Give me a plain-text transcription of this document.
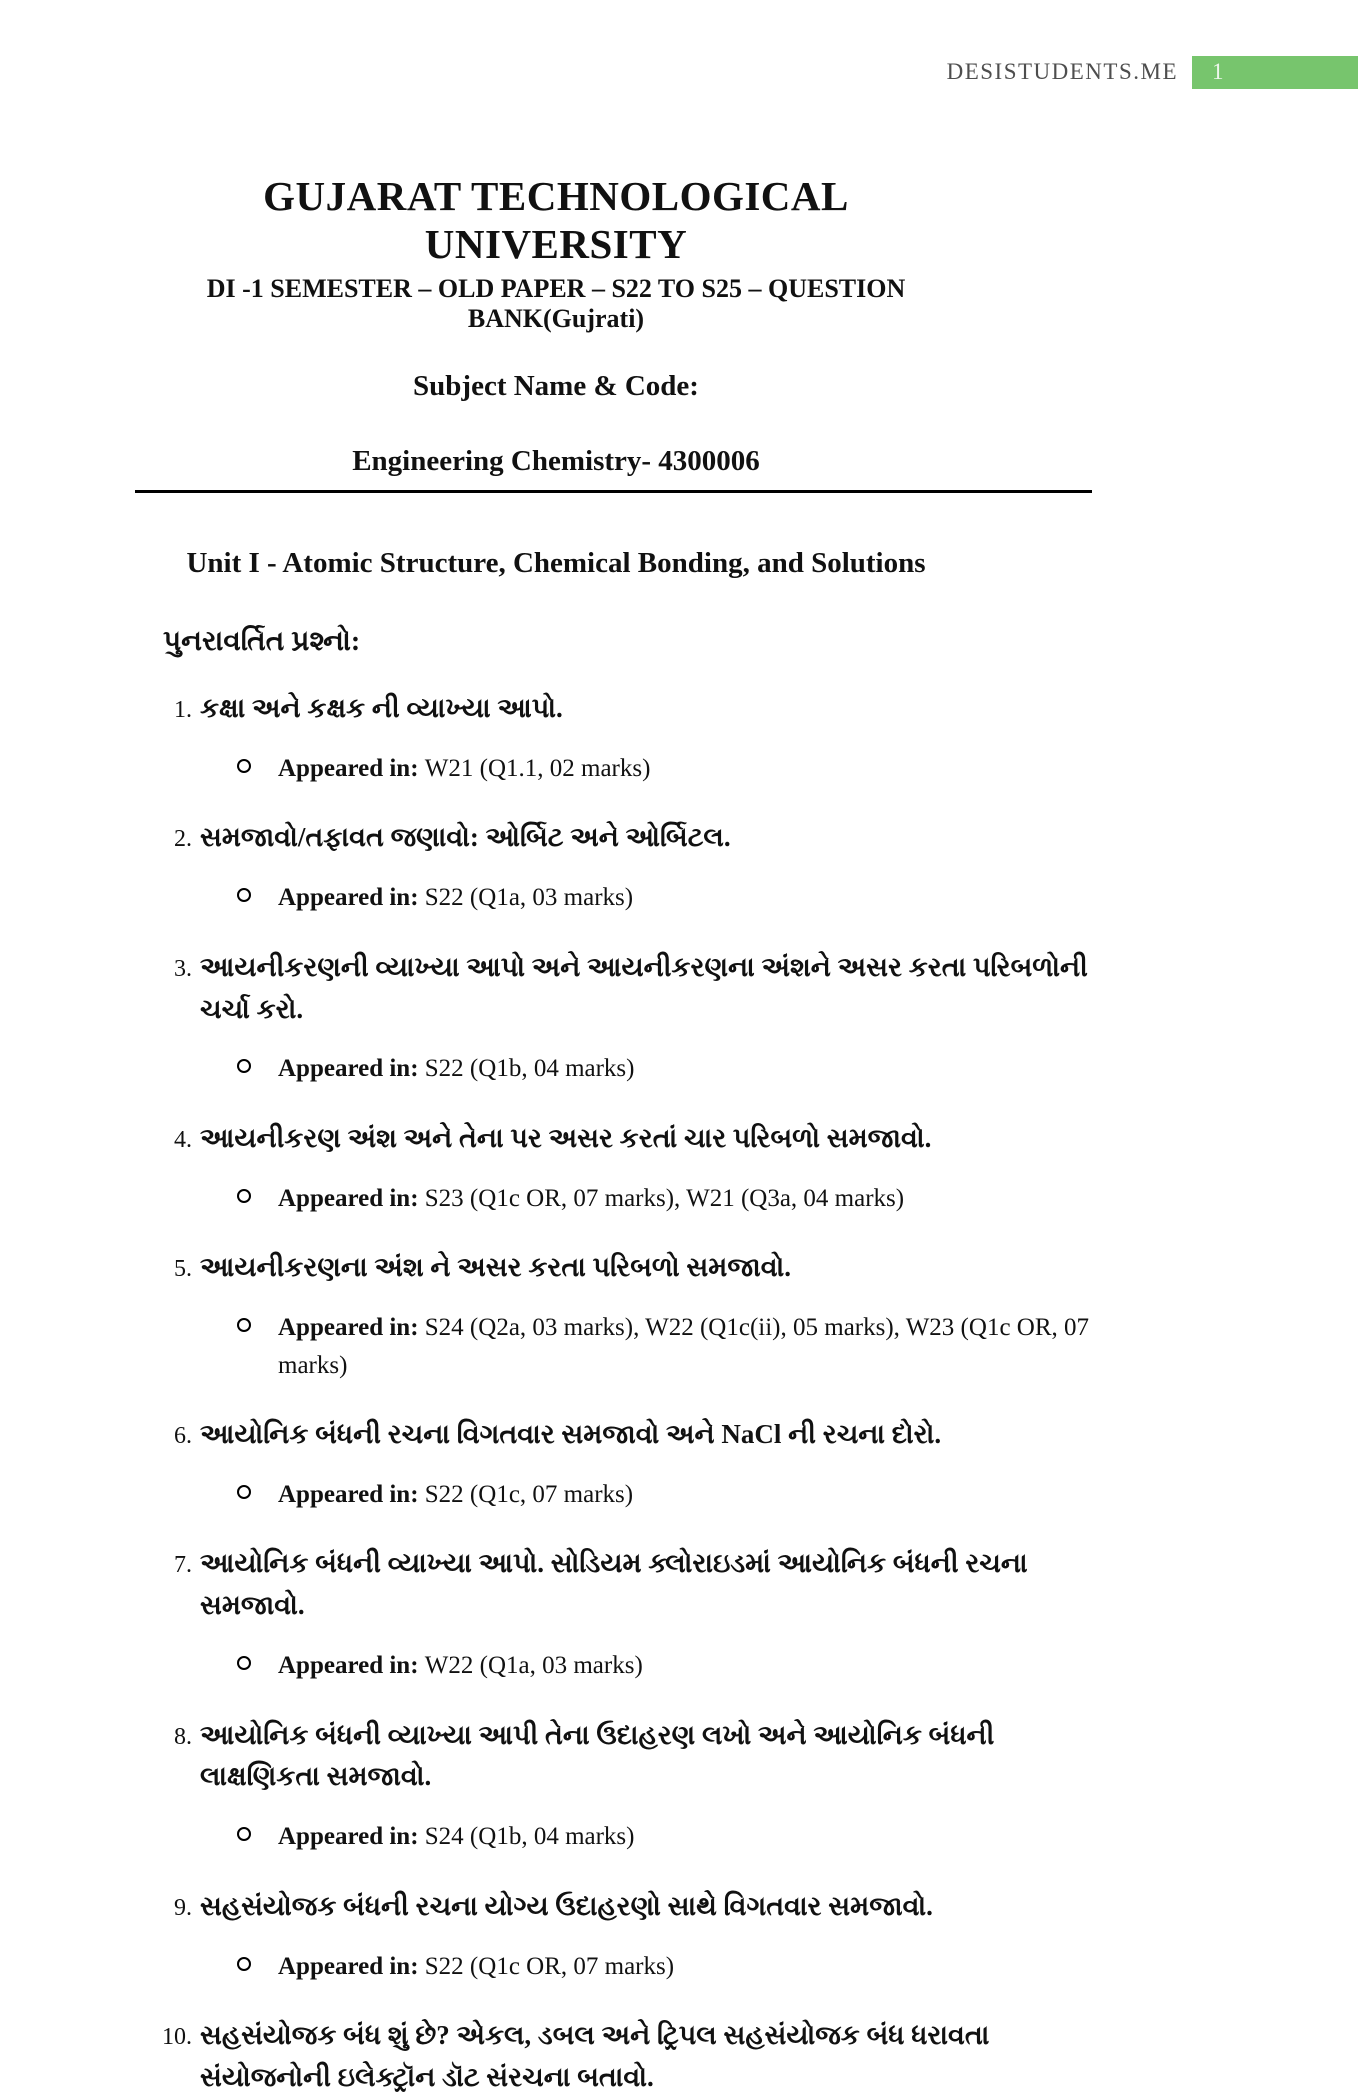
DESISTUDENTS.ME	1
GUJARAT TECHNOLOGICAL UNIVERSITY
DI -1 SEMESTER – OLD PAPER – S22 TO S25 – QUESTION BANK(Gujrati)
Subject Name & Code:
Engineering Chemistry- 4300006
Unit I - Atomic Structure, Chemical Bonding, and Solutions
પુનરાવર્તિત પ્રશ્નો:
1. કક્ષા અને કક્ષક ની વ્યાખ્યા આપો.
Appeared in: W21 (Q1.1, 02 marks)
2. સમજાવો/તફાવત જણાવો: ઓર્બિટ અને ઓર્બિટલ.
Appeared in: S22 (Q1a, 03 marks)
3. આયનીકરણની વ્યાખ્યા આપો અને આયનીકરણના અંશને અસર કરતા પરિબળોની ચર્ચા કરો.
Appeared in: S22 (Q1b, 04 marks)
4. આયનીકરણ અંશ અને તેના પર અસર કરતાં ચાર પરિબળો સમજાવો.
Appeared in: S23 (Q1c OR, 07 marks), W21 (Q3a, 04 marks)
5. આયનીકરણના અંશ ને અસર કરતા પરિબળો સમજાવો.
Appeared in: S24 (Q2a, 03 marks), W22 (Q1c(ii), 05 marks), W23 (Q1c OR, 07 marks)
6. આયોનિક બંધની રચના વિગતવાર સમજાવો અને NaCl ની રચના દોરો.
Appeared in: S22 (Q1c, 07 marks)
7. આયોનિક બંધની વ્યાખ્યા આપો. સોડિયમ ક્લોરાઇડમાં આયોનિક બંધની રચના સમજાવો.
Appeared in: W22 (Q1a, 03 marks)
8. આયોનિક બંધની વ્યાખ્યા આપી તેના ઉદાહરણ લખો અને આયોનિક બંધની લાક્ષણિકતા સમજાવો.
Appeared in: S24 (Q1b, 04 marks)
9. સહસંયોજક બંધની રચના યોગ્ય ઉદાહરણો સાથે વિગતવાર સમજાવો.
Appeared in: S22 (Q1c OR, 07 marks)
10. સહસંયોજક બંધ શું છે? એકલ, ડબલ અને ટ્રિપલ સહસંયોજક બંધ ધરાવતા સંયોજનોની ઇલેક્ટ્રૉન ડૉટ સંરચના બતાવો.
